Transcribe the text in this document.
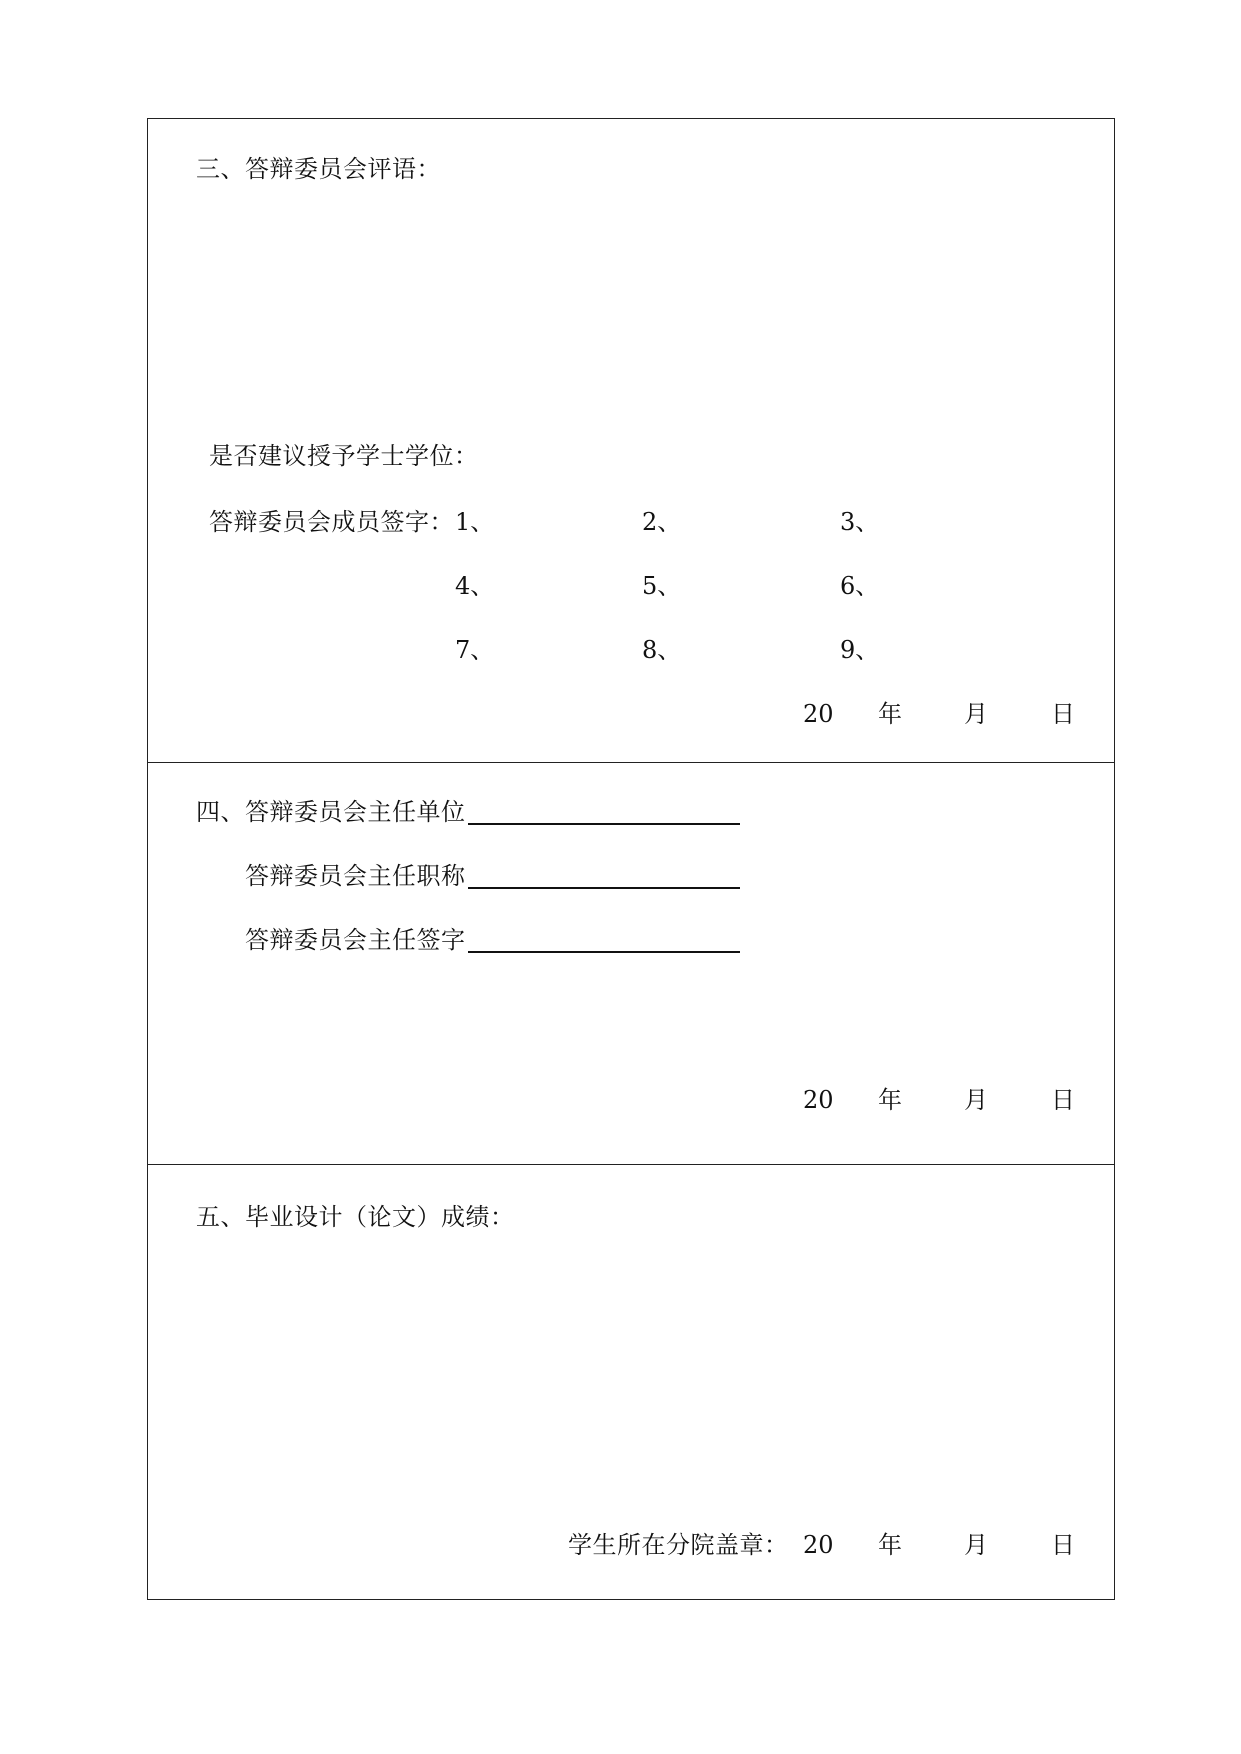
三、答辩委员会评语：
是否建议授予学士学位：
答辩委员会成员签字： 1、	2、	3、
4、	5、	6、
7、	8、	9、
20 年	月	日
四、答辩委员会主任单位
答辩委员会主任职称
答辩委员会主任签字
20 年	月	日
五、毕业设计（论文）成绩：
学生所在分院盖章： 20 年	月	日
